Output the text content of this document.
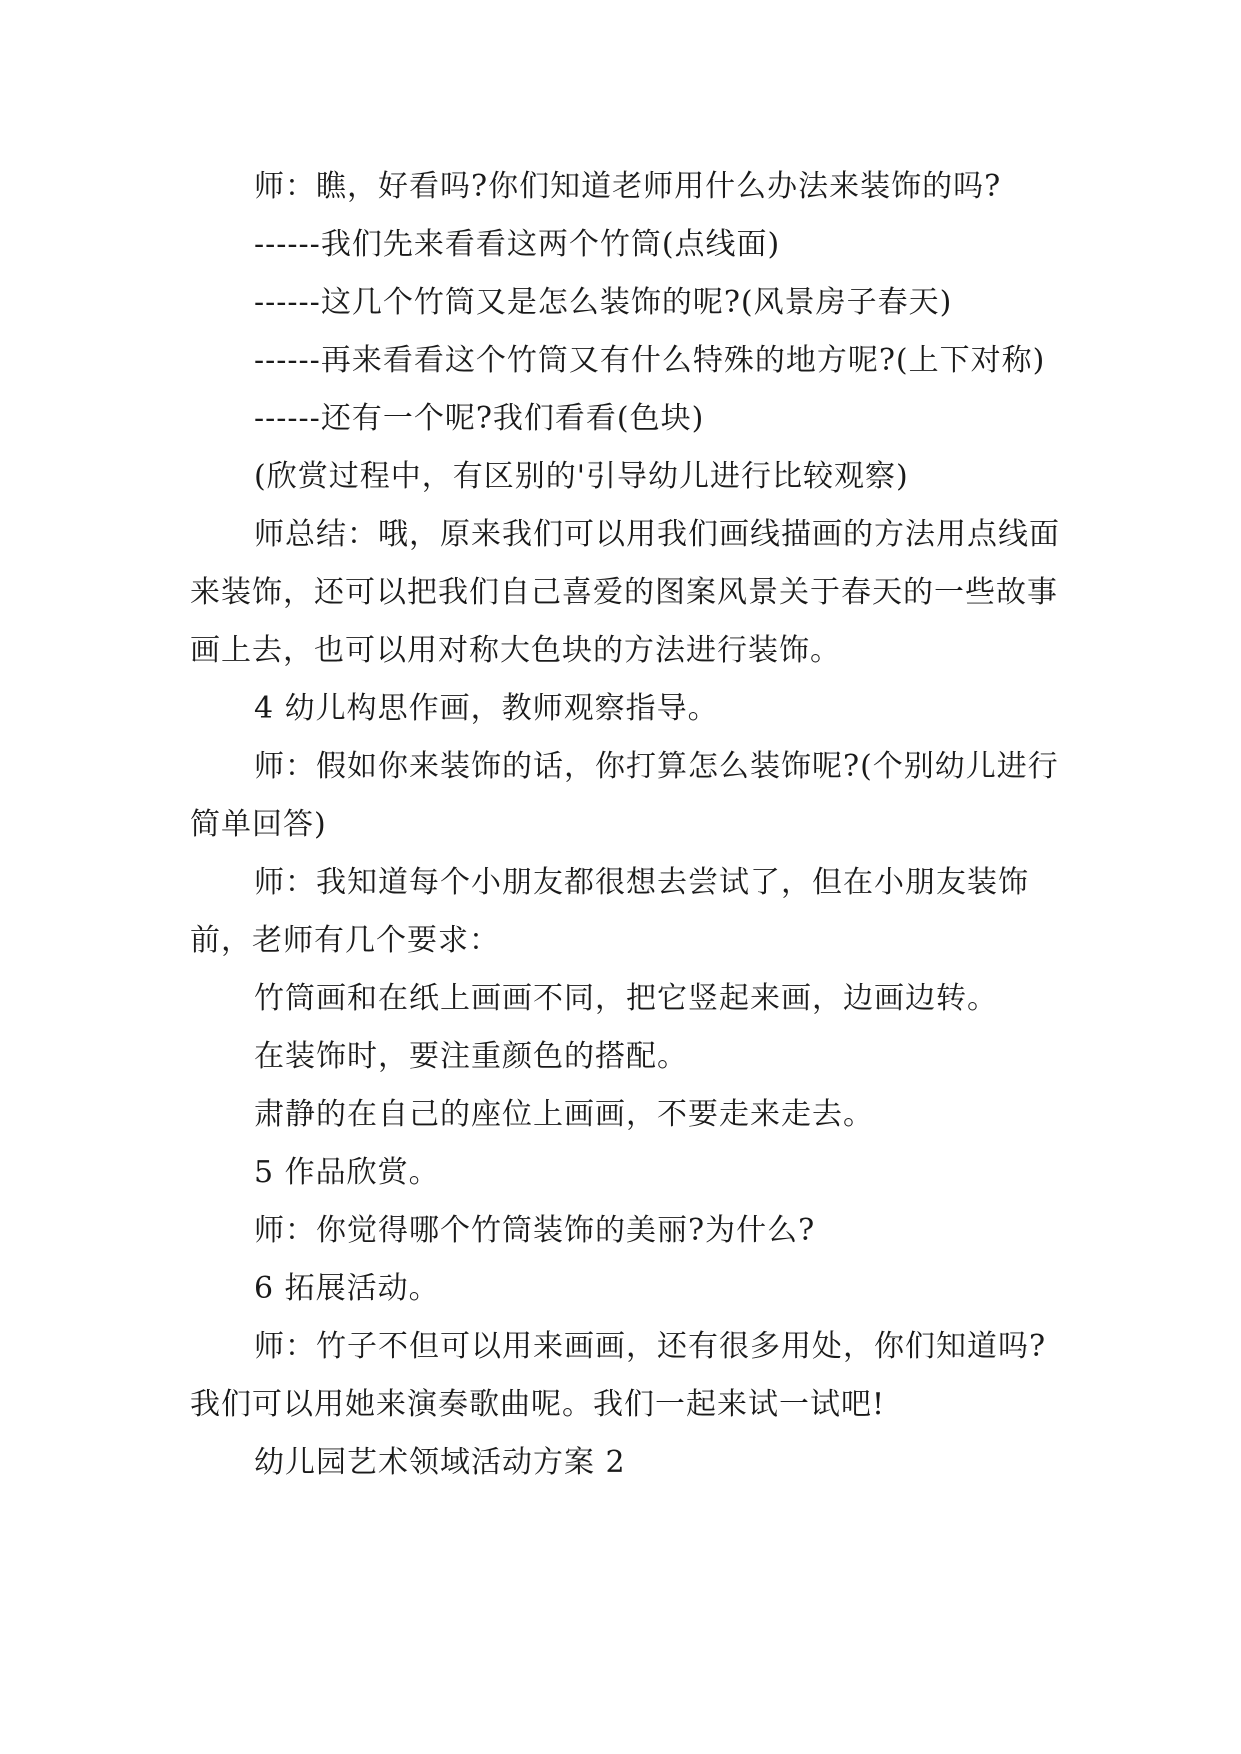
师：瞧，好看吗?你们知道老师用什么办法来装饰的吗?

------我们先来看看这两个竹筒(点线面)

------这几个竹筒又是怎么装饰的呢?(风景房子春天)

------再来看看这个竹筒又有什么特殊的地方呢?(上下对称)

------还有一个呢?我们看看(色块)

(欣赏过程中，有区别的'引导幼儿进行比较观察)

师总结：哦，原来我们可以用我们画线描画的方法用点线面来装饰，还可以把我们自己喜爱的图案风景关于春天的一些故事画上去，也可以用对称大色块的方法进行装饰。

4 幼儿构思作画，教师观察指导。

师：假如你来装饰的话，你打算怎么装饰呢?(个别幼儿进行简单回答)

师：我知道每个小朋友都很想去尝试了，但在小朋友装饰前，老师有几个要求：

竹筒画和在纸上画画不同，把它竖起来画，边画边转。

在装饰时，要注重颜色的搭配。

肃静的在自己的座位上画画，不要走来走去。

5 作品欣赏。

师：你觉得哪个竹筒装饰的美丽?为什么?

6 拓展活动。

师：竹子不但可以用来画画，还有很多用处，你们知道吗?我们可以用她来演奏歌曲呢。我们一起来试一试吧!

幼儿园艺术领域活动方案 2
